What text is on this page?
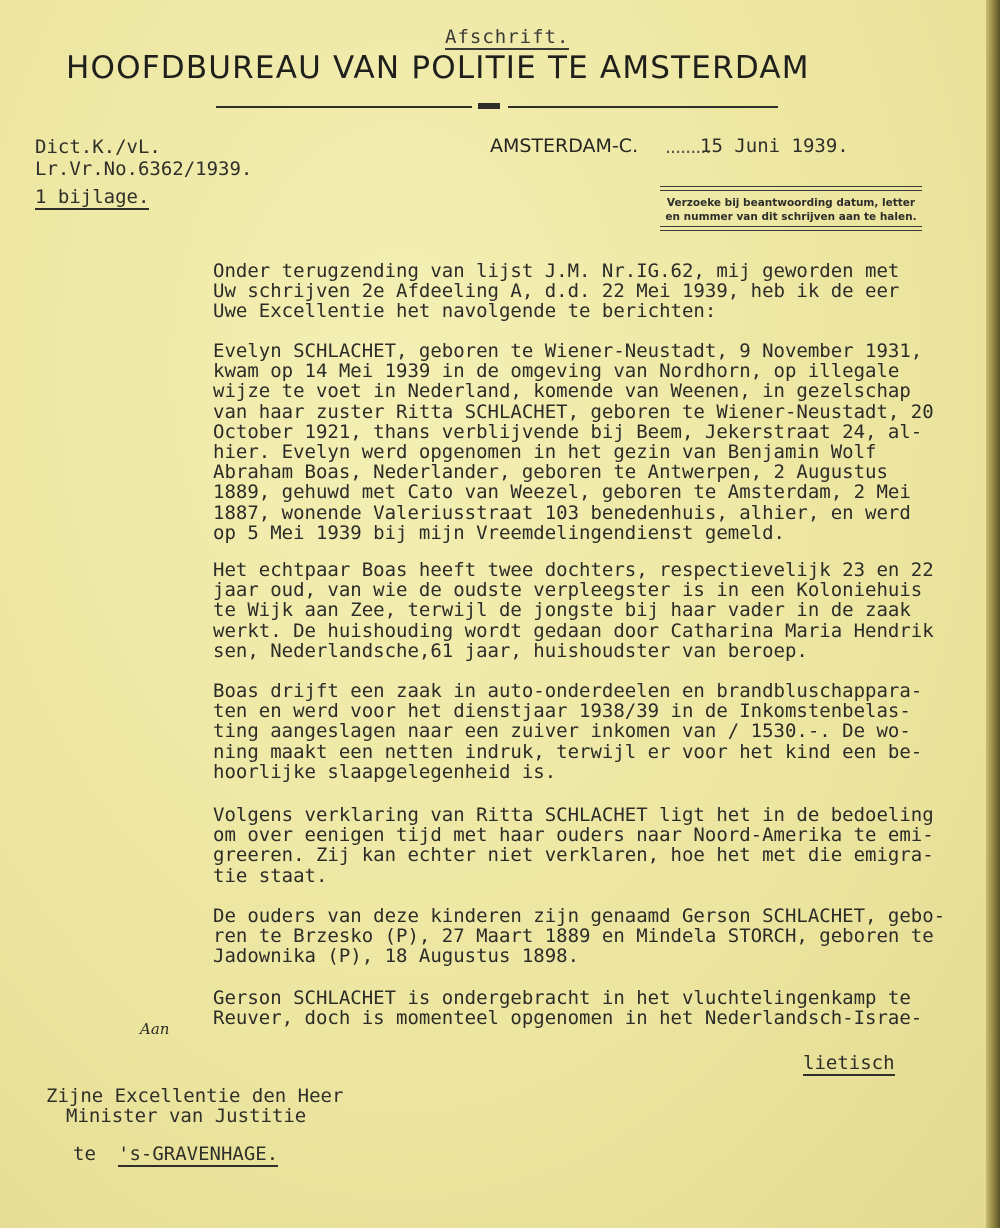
Afschrift.
HOOFDBUREAU VAN POLITIE TE AMSTERDAM
Dict.K./vL.
Lr.Vr.No.6362/1939.
1 bijlage.
AMSTERDAM-C. .........
15 Juni 1939.
Verzoeke bij beantwoording datum, letter en nummer van dit schrijven aan te halen.
Onder terugzending van lijst J.M. Nr.IG.62, mij geworden met
Uw schrijven 2e Afdeeling A, d.d. 22 Mei 1939, heb ik de eer
Uwe Excellentie het navolgende te berichten:
Evelyn SCHLACHET, geboren te Wiener-Neustadt, 9 November 1931,
kwam op 14 Mei 1939 in de omgeving van Nordhorn, op illegale
wijze te voet in Nederland, komende van Weenen, in gezelschap
van haar zuster Ritta SCHLACHET, geboren te Wiener-Neustadt, 20
October 1921, thans verblijvende bij Beem, Jekerstraat 24, al-
hier. Evelyn werd opgenomen in het gezin van Benjamin Wolf
Abraham Boas, Nederlander, geboren te Antwerpen, 2 Augustus
1889, gehuwd met Cato van Weezel, geboren te Amsterdam, 2 Mei
1887, wonende Valeriusstraat 103 benedenhuis, alhier, en werd
op 5 Mei 1939 bij mijn Vreemdelingendienst gemeld.
Het echtpaar Boas heeft twee dochters, respectievelijk 23 en 22
jaar oud, van wie de oudste verpleegster is in een Koloniehuis
te Wijk aan Zee, terwijl de jongste bij haar vader in de zaak
werkt. De huishouding wordt gedaan door Catharina Maria Hendrik
sen, Nederlandsche,61 jaar, huishoudster van beroep.
Boas drijft een zaak in auto-onderdeelen en brandbluschappara-
ten en werd voor het dienstjaar 1938/39 in de Inkomstenbelas-
ting aangeslagen naar een zuiver inkomen van / 1530.-. De wo-
ning maakt een netten indruk, terwijl er voor het kind een be-
hoorlijke slaapgelegenheid is.
Volgens verklaring van Ritta SCHLACHET ligt het in de bedoeling
om over eenigen tijd met haar ouders naar Noord-Amerika te emi-
greeren. Zij kan echter niet verklaren, hoe het met die emigra-
tie staat.
De ouders van deze kinderen zijn genaamd Gerson SCHLACHET, gebo-
ren te Brzesko (P), 27 Maart 1889 en Mindela STORCH, geboren te
Jadownika (P), 18 Augustus 1898.
Gerson SCHLACHET is ondergebracht in het vluchtelingenkamp te
Reuver, doch is momenteel opgenomen in het Nederlandsch-Israe-
lietisch
Aan
Zijne Excellentie den Heer
Minister van Justitie
te 's-GRAVENHAGE.
